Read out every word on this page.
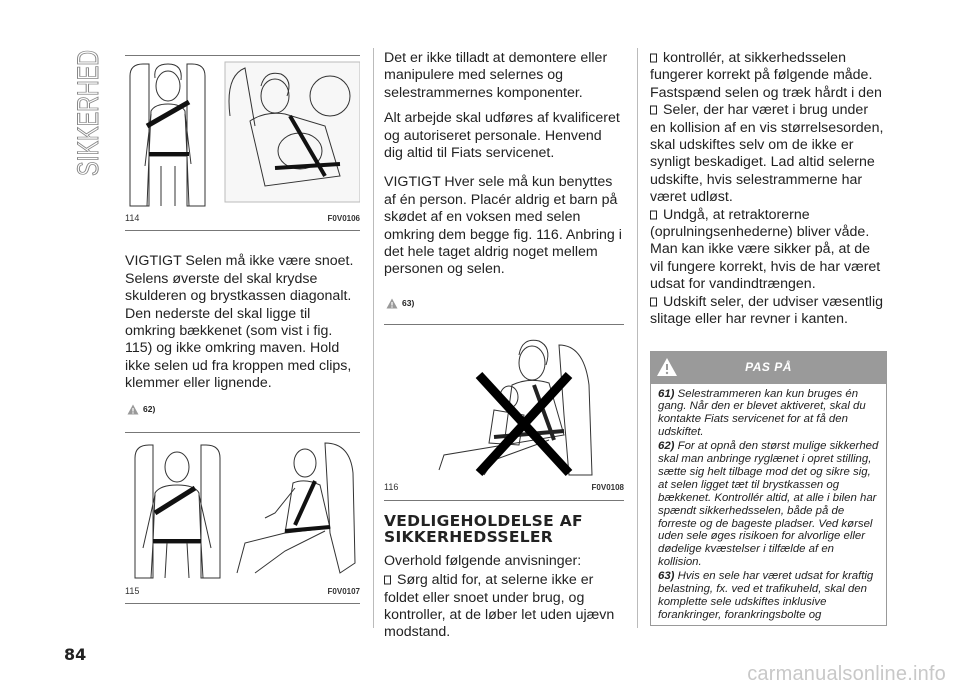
SIKKERHED
114	F0V0106

VIGTIGT Selen må ikke være snoet. Selens øverste del skal krydse skulderen og brystkassen diagonalt. Den nederste del skal ligge til omkring bækkenet (som vist i fig. 115) og ikke omkring maven. Hold ikke selen ud fra kroppen med clips, klemmer eller lignende.

62)
115	F0V0107

Det er ikke tilladt at demontere eller manipulere med selernes og selestrammernes komponenter.

Alt arbejde skal udføres af kvalificeret og autoriseret personale. Henvend dig altid til Fiats servicenet.

VIGTIGT Hver sele må kun benyttes af én person. Placér aldrig et barn på skødet af en voksen med selen omkring dem begge fig. 116. Anbring i det hele taget aldrig noget mellem personen og selen.

63)
116	F0V0108
VEDLIGEHOLDELSE AF
SIKKERHEDSSELER

Overhold følgende anvisninger:

Sørg altid for, at selerne ikke er foldet eller snoet under brug, og kontroller, at de løber let uden ujævn modstand.

kontrollér, at sikkerhedsselen fungerer korrekt på følgende måde. Fastspænd selen og træk hårdt i den
Seler, der har været i brug under en kollision af en vis størrelsesorden, skal udskiftes selv om de ikke er synligt beskadiget. Lad altid selerne udskifte, hvis selestrammerne har været udløst.
Undgå, at retraktorerne (oprulningsenhederne) bliver våde. Man kan ikke være sikker på, at de vil fungere korrekt, hvis de har været udsat for vandindtrængen.
Udskift seler, der udviser væsentlig slitage eller har revner i kanten.
PAS PÅ
61) Selestrammeren kan kun bruges én gang. Når den er blevet aktiveret, skal du kontakte Fiats servicenet for at få den udskiftet.
62) For at opnå den størst mulige sikkerhed skal man anbringe ryglænet i opret stilling, sætte sig helt tilbage mod det og sikre sig, at selen ligget tæt til brystkassen og bækkenet. Kontrollér altid, at alle i bilen har spændt sikkerhedsselen, både på de forreste og de bageste pladser. Ved kørsel uden sele øges risikoen for alvorlige eller dødelige kvæstelser i tilfælde af en kollision.
63) Hvis en sele har været udsat for kraftig belastning, fx. ved et trafikuheld, skal den komplette sele udskiftes inklusive forankringer, forankringsbolte og
84
carmanualsonline.info
